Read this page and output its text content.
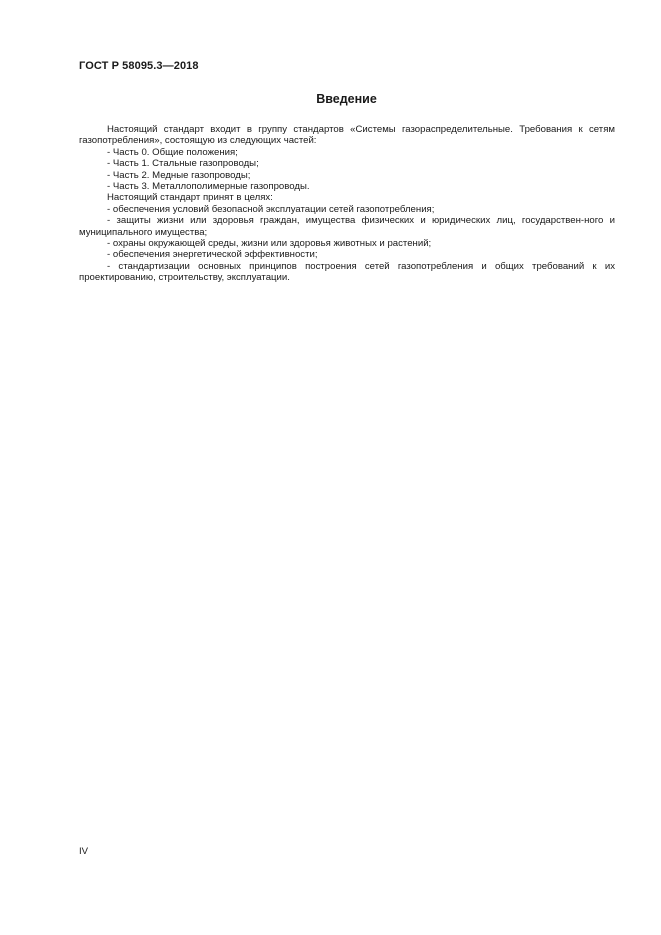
ГОСТ Р 58095.3—2018
Введение

Настоящий стандарт входит в группу стандартов «Системы газораспределительные. Требования к сетям газопотребления», состоящую из следующих частей:

- Часть 0. Общие положения;

- Часть 1. Стальные газопроводы;

- Часть 2. Медные газопроводы;

- Часть 3. Металлополимерные газопроводы.

Настоящий стандарт принят в целях:

- обеспечения условий безопасной эксплуатации сетей газопотребления;

- защиты жизни или здоровья граждан, имущества физических и юридических лиц, государствен-ного и муниципального имущества;

- охраны окружающей среды, жизни или здоровья животных и растений;

- обеспечения энергетической эффективности;

- стандартизации основных принципов построения сетей газопотребления и общих требований к их проектированию, строительству, эксплуатации.

IV
